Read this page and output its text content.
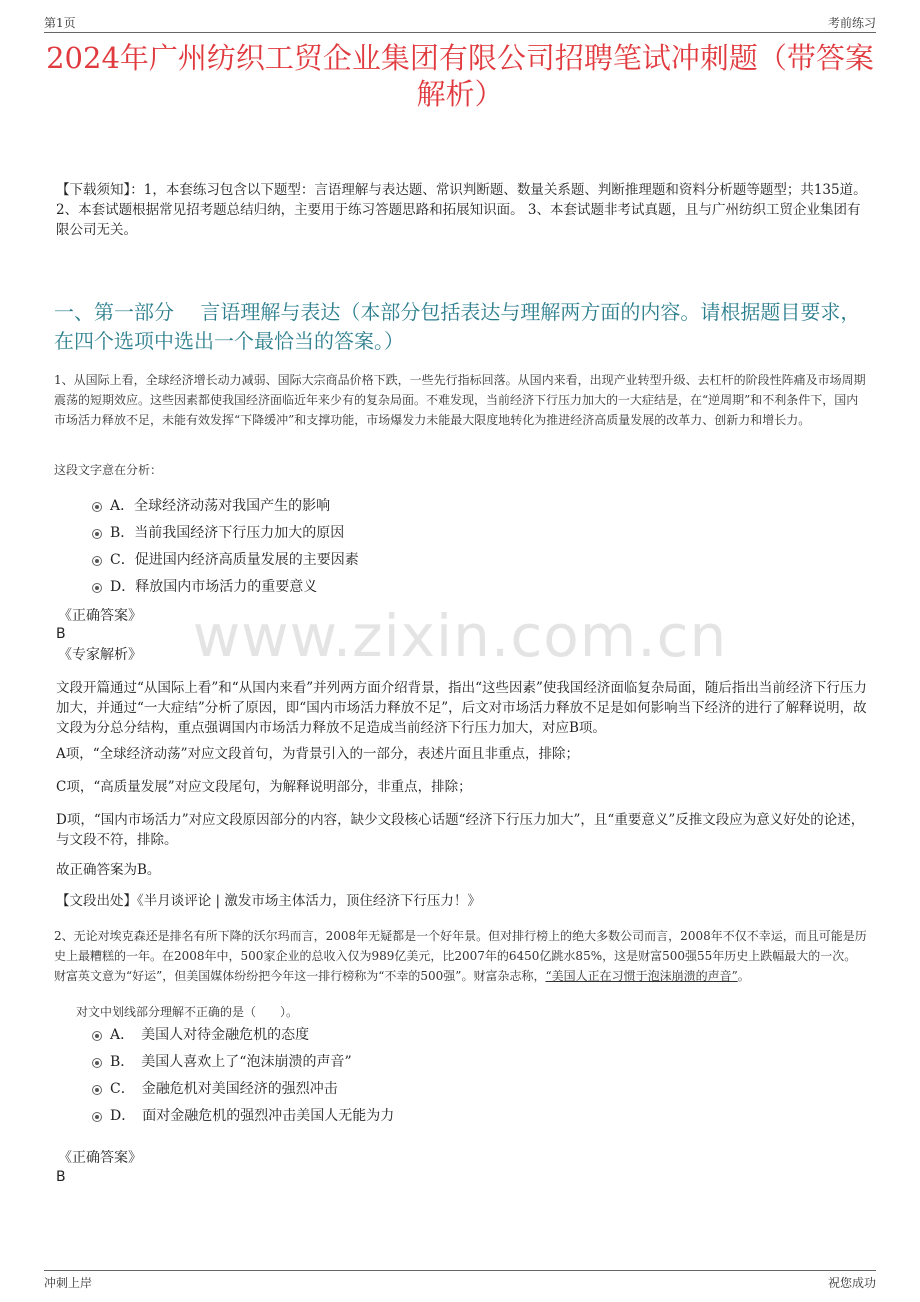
第1页	考前练习
2024年广州纺织工贸企业集团有限公司招聘笔试冲刺题（带答案解析）
【下载须知】：1，本套练习包含以下题型：言语理解与表达题、常识判断题、数量关系题、判断推理题和资料分析题等题型；共135道。 2、本套试题根据常见招考题总结归纳，主要用于练习答题思路和拓展知识面。 3、本套试题非考试真题，且与广州纺织工贸企业集团有限公司无关。
一、第一部分　 言语理解与表达（本部分包括表达与理解两方面的内容。请根据题目要求，在四个选项中选出一个最恰当的答案。）
1、从国际上看，全球经济增长动力减弱、国际大宗商品价格下跌，一些先行指标回落。从国内来看，出现产业转型升级、去杠杆的阶段性阵痛及市场周期震荡的短期效应。这些因素都使我国经济面临近年来少有的复杂局面。不难发现，当前经济下行压力加大的一大症结是，在“逆周期”和不利条件下，国内市场活力释放不足，未能有效发挥“下降缓冲”和支撑功能，市场爆发力未能最大限度地转化为推进经济高质量发展的改革力、创新力和增长力。
这段文字意在分析：
A．全球经济动荡对我国产生的影响
B．当前我国经济下行压力加大的原因
C．促进国内经济高质量发展的主要因素
D．释放国内市场活力的重要意义
《正确答案》
B
《专家解析》
文段开篇通过“从国际上看”和“从国内来看”并列两方面介绍背景，指出“这些因素”使我国经济面临复杂局面，随后指出当前经济下行压力加大，并通过“一大症结”分析了原因，即“国内市场活力释放不足”，后文对市场活力释放不足是如何影响当下经济的进行了解释说明，故文段为分总分结构，重点强调国内市场活力释放不足造成当前经济下行压力加大，对应B项。
A项，“全球经济动荡”对应文段首句，为背景引入的一部分，表述片面且非重点，排除；
C项，“高质量发展”对应文段尾句，为解释说明部分，非重点，排除；
D项，“国内市场活力”对应文段原因部分的内容，缺少文段核心话题“经济下行压力加大”，且“重要意义”反推文段应为意义好处的论述，与文段不符，排除。
故正确答案为B。
【文段出处】《半月谈评论 | 激发市场主体活力，顶住经济下行压力！》
2、无论对埃克森还是排名有所下降的沃尔玛而言，2008年无疑都是一个好年景。但对排行榜上的绝大多数公司而言，2008年不仅不幸运，而且可能是历史上最糟糕的一年。在2008年中，500家企业的总收入仅为989亿美元，比2007年的6450亿跳水85%，这是财富500强55年历史上跌幅最大的一次。财富英文意为“好运”，但美国媒体纷纷把今年这一排行榜称为“不幸的500强”。财富杂志称，“美国人正在习惯于泡沫崩溃的声音”。
对文中划线部分理解不正确的是（　　）。
A．　美国人对待金融危机的态度
B．　美国人喜欢上了“泡沫崩溃的声音”
C．　金融危机对美国经济的强烈冲击
D．　面对金融危机的强烈冲击美国人无能为力
《正确答案》
B
www.zixin.com.cn
冲刺上岸	祝您成功
